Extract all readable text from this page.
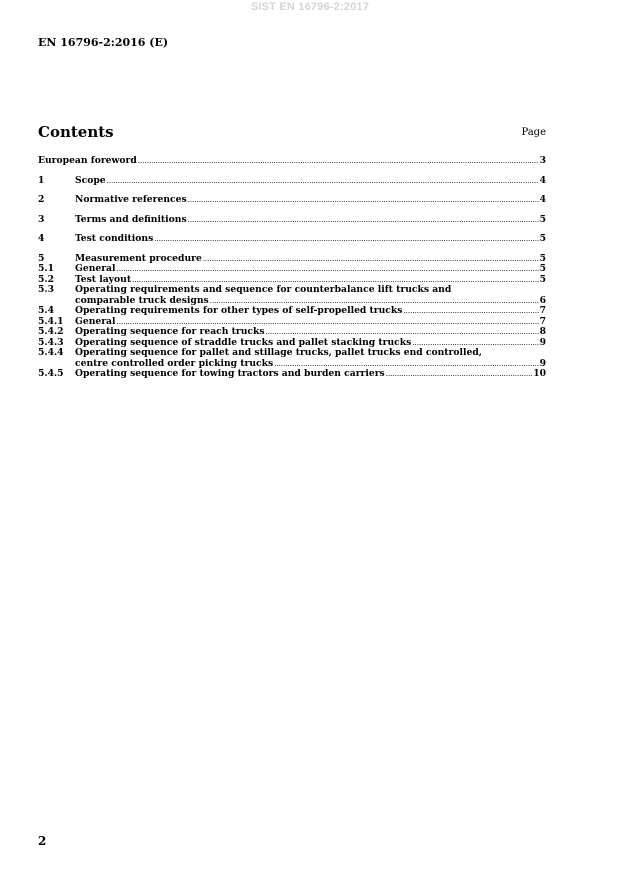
SIST EN 16796-2:2017
EN 16796-2:2016 (E)
Contents	Page
European foreword .....	3
1	Scope .....	4
2	Normative references .....	4
3	Terms and definitions .....	5
4	Test conditions .....	5
5	Measurement procedure .....	5
5.1	General .....	5
5.2	Test layout .....	5
5.3	Operating requirements and sequence for counterbalance lift trucks and
comparable truck designs .....	6
5.4	Operating requirements for other types of self-propelled trucks .....	7
5.4.1	General .....	7
5.4.2	Operating sequence for reach trucks .....	8
5.4.3	Operating sequence of straddle trucks and pallet stacking trucks .....	9
5.4.4	Operating sequence for pallet and stillage trucks, pallet trucks end controlled,
centre controlled order picking trucks .....	9
5.4.5	Operating sequence for towing tractors and burden carriers .....	10
2
